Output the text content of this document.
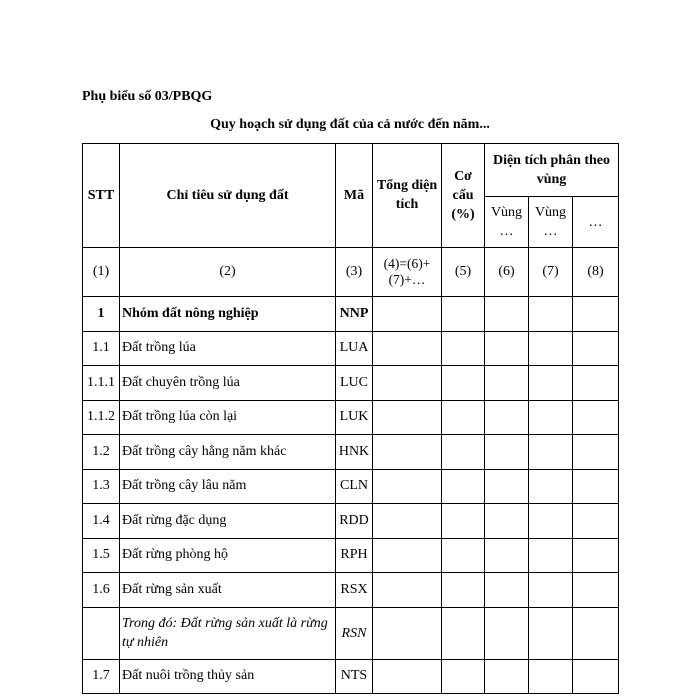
Phụ biểu số 03/PBQG
Quy hoạch sử dụng đất của cả nước đến năm...
STT	Chỉ tiêu sử dụng đất	Mã	Tổng diện tích	Cơ cấu (%)	Diện tích phân theo vùng		
					Vùng …	Vùng …	…
(1)	(2)	(3)	(4)=(6)+(7)+…	(5)	(6)	(7)	(8)
1	Nhóm đất nông nghiệp	NNP					
1.1	Đất trồng lúa	LUA					
1.1.1	Đất chuyên trồng lúa	LUC					
1.1.2	Đất trồng lúa còn lại	LUK					
1.2	Đất trồng cây hằng năm khác	HNK					
1.3	Đất trồng cây lâu năm	CLN					
1.4	Đất rừng đặc dụng	RDD					
1.5	Đất rừng phòng hộ	RPH					
1.6	Đất rừng sản xuất	RSX					
	Trong đó: Đất rừng sản xuất là rừng tự nhiên	RSN					
1.7	Đất nuôi trồng thủy sản	NTS					
